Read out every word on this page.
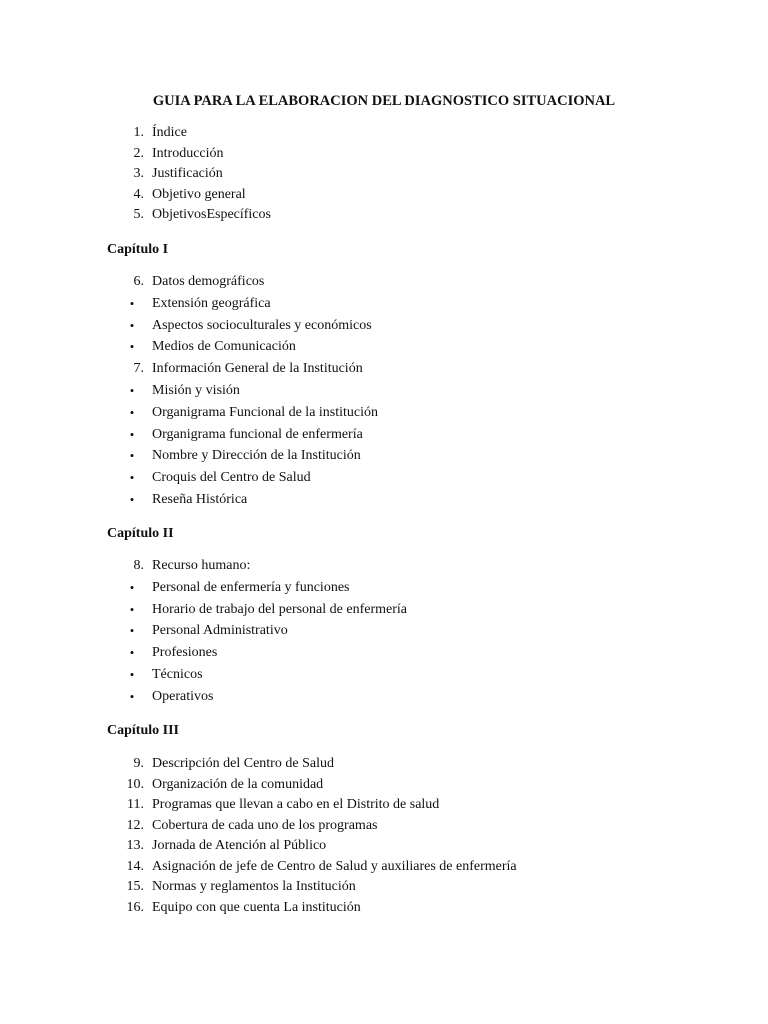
GUIA PARA LA ELABORACION DEL DIAGNOSTICO SITUACIONAL
1. Índice
2. Introducción
3. Justificación
4. Objetivo general
5. ObjetivosEspecíficos
Capítulo I
6. Datos demográficos
• Extensión geográfica
• Aspectos socioculturales y económicos
• Medios de Comunicación
7. Información General de la Institución
• Misión y visión
• Organigrama Funcional de la institución
• Organigrama funcional de enfermería
• Nombre y Dirección de la Institución
• Croquis del Centro de Salud
• Reseña Histórica
Capítulo II
8. Recurso humano:
• Personal de enfermería y funciones
• Horario de trabajo del personal de enfermería
• Personal Administrativo
• Profesiones
• Técnicos
• Operativos
Capítulo III
9. Descripción del Centro de Salud
10. Organización de la comunidad
11. Programas que llevan a cabo en el Distrito de salud
12. Cobertura de cada uno de los programas
13. Jornada de Atención al Público
14. Asignación de jefe de Centro de Salud y auxiliares de enfermería
15. Normas y reglamentos la Institución
16. Equipo con que cuenta La institución
